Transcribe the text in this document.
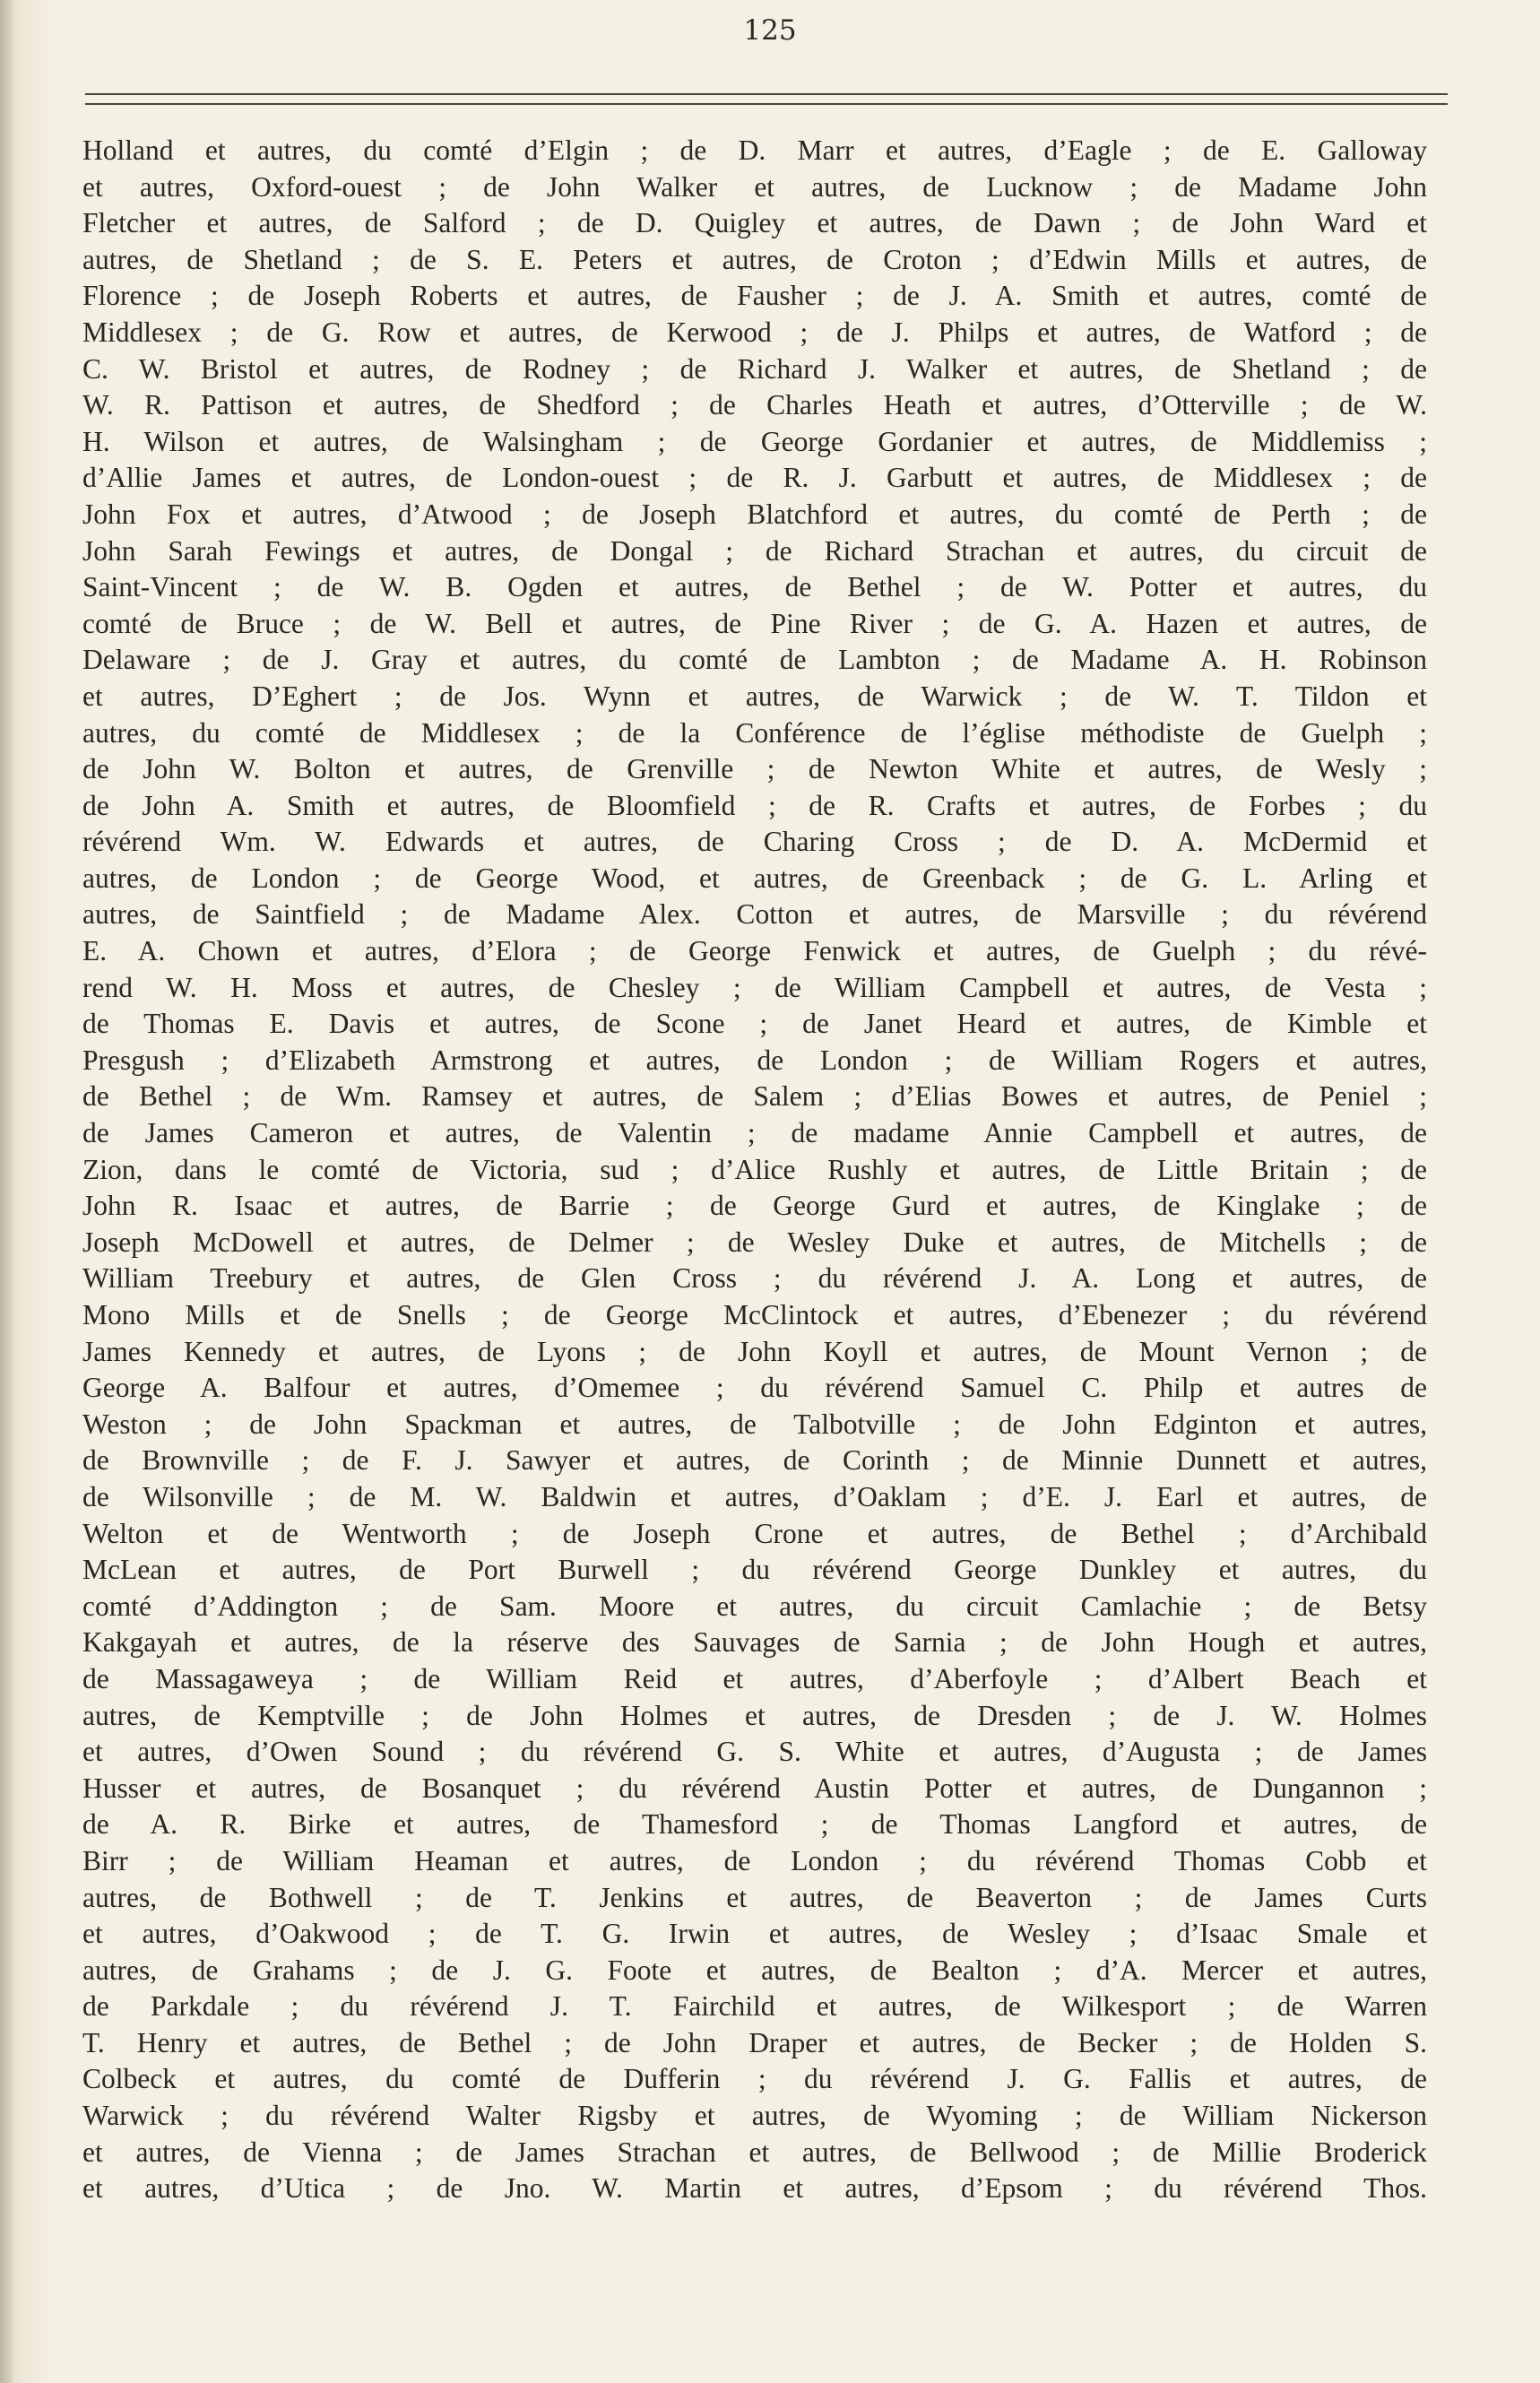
125
Holland et autres, du comté d’Elgin ; de D. Marr et autres, d’Eagle ; de E. Galloway
et autres, Oxford-ouest ; de John Walker et autres, de Lucknow ; de Madame John
Fletcher et autres, de Salford ; de D. Quigley et autres, de Dawn ; de John Ward et
autres, de Shetland ; de S. E. Peters et autres, de Croton ; d’Edwin Mills et autres, de
Florence ; de Joseph Roberts et autres, de Fausher ; de J. A. Smith et autres, comté de
Middlesex ; de G. Row et autres, de Kerwood ; de J. Philps et autres, de Watford ; de
C. W. Bristol et autres, de Rodney ; de Richard J. Walker et autres, de Shetland ; de
W. R. Pattison et autres, de Shedford ; de Charles Heath et autres, d’Otterville ; de W.
H. Wilson et autres, de Walsingham ; de George Gordanier et autres, de Middlemiss ;
d’Allie James et autres, de London-ouest ; de R. J. Garbutt et autres, de Middlesex ; de
John Fox et autres, d’Atwood ; de Joseph Blatchford et autres, du comté de Perth ; de
John Sarah Fewings et autres, de Dongal ; de Richard Strachan et autres, du circuit de
Saint-Vincent ; de W. B. Ogden et autres, de Bethel ; de W. Potter et autres, du
comté de Bruce ; de W. Bell et autres, de Pine River ; de G. A. Hazen et autres, de
Delaware ; de J. Gray et autres, du comté de Lambton ; de Madame A. H. Robinson
et autres, D’Eghert ; de Jos. Wynn et autres, de Warwick ; de W. T. Tildon et
autres, du comté de Middlesex ; de la Conférence de l’église méthodiste de Guelph ;
de John W. Bolton et autres, de Grenville ; de Newton White et autres, de Wesly ;
de John A. Smith et autres, de Bloomfield ; de R. Crafts et autres, de Forbes ; du
révérend Wm. W. Edwards et autres, de Charing Cross ; de D. A. McDermid et
autres, de London ; de George Wood, et autres, de Greenback ; de G. L. Arling et
autres, de Saintfield ; de Madame Alex. Cotton et autres, de Marsville ; du révérend
E. A. Chown et autres, d’Elora ; de George Fenwick et autres, de Guelph ; du révé-
rend W. H. Moss et autres, de Chesley ; de William Campbell et autres, de Vesta ;
de Thomas E. Davis et autres, de Scone ; de Janet Heard et autres, de Kimble et
Presgush ; d’Elizabeth Armstrong et autres, de London ; de William Rogers et autres,
de Bethel ; de Wm. Ramsey et autres, de Salem ; d’Elias Bowes et autres, de Peniel ;
de James Cameron et autres, de Valentin ; de madame Annie Campbell et autres, de
Zion, dans le comté de Victoria, sud ; d’Alice Rushly et autres, de Little Britain ; de
John R. Isaac et autres, de Barrie ; de George Gurd et autres, de Kinglake ; de
Joseph McDowell et autres, de Delmer ; de Wesley Duke et autres, de Mitchells ; de
William Treebury et autres, de Glen Cross ; du révérend J. A. Long et autres, de
Mono Mills et de Snells ; de George McClintock et autres, d’Ebenezer ; du révérend
James Kennedy et autres, de Lyons ; de John Koyll et autres, de Mount Vernon ; de
George A. Balfour et autres, d’Omemee ; du révérend Samuel C. Philp et autres de
Weston ; de John Spackman et autres, de Talbotville ; de John Edginton et autres,
de Brownville ; de F. J. Sawyer et autres, de Corinth ; de Minnie Dunnett et autres,
de Wilsonville ; de M. W. Baldwin et autres, d’Oaklam ; d’E. J. Earl et autres, de
Welton et de Wentworth ; de Joseph Crone et autres, de Bethel ; d’Archibald
McLean et autres, de Port Burwell ; du révérend George Dunkley et autres, du
comté d’Addington ; de Sam. Moore et autres, du circuit Camlachie ; de Betsy
Kakgayah et autres, de la réserve des Sauvages de Sarnia ; de John Hough et autres,
de Massagaweya ; de William Reid et autres, d’Aberfoyle ; d’Albert Beach et
autres, de Kemptville ; de John Holmes et autres, de Dresden ; de J. W. Holmes
et autres, d’Owen Sound ; du révérend G. S. White et autres, d’Augusta ; de James
Husser et autres, de Bosanquet ; du révérend Austin Potter et autres, de Dungannon ;
de A. R. Birke et autres, de Thamesford ; de Thomas Langford et autres, de
Birr ; de William Heaman et autres, de London ; du révérend Thomas Cobb et
autres, de Bothwell ; de T. Jenkins et autres, de Beaverton ; de James Curts
et autres, d’Oakwood ; de T. G. Irwin et autres, de Wesley ; d’Isaac Smale et
autres, de Grahams ; de J. G. Foote et autres, de Bealton ; d’A. Mercer et autres,
de Parkdale ; du révérend J. T. Fairchild et autres, de Wilkesport ; de Warren
T. Henry et autres, de Bethel ; de John Draper et autres, de Becker ; de Holden S.
Colbeck et autres, du comté de Dufferin ; du révérend J. G. Fallis et autres, de
Warwick ; du révérend Walter Rigsby et autres, de Wyoming ; de William Nickerson
et autres, de Vienna ; de James Strachan et autres, de Bellwood ; de Millie Broderick
et autres, d’Utica ; de Jno. W. Martin et autres, d’Epsom ; du révérend Thos.
